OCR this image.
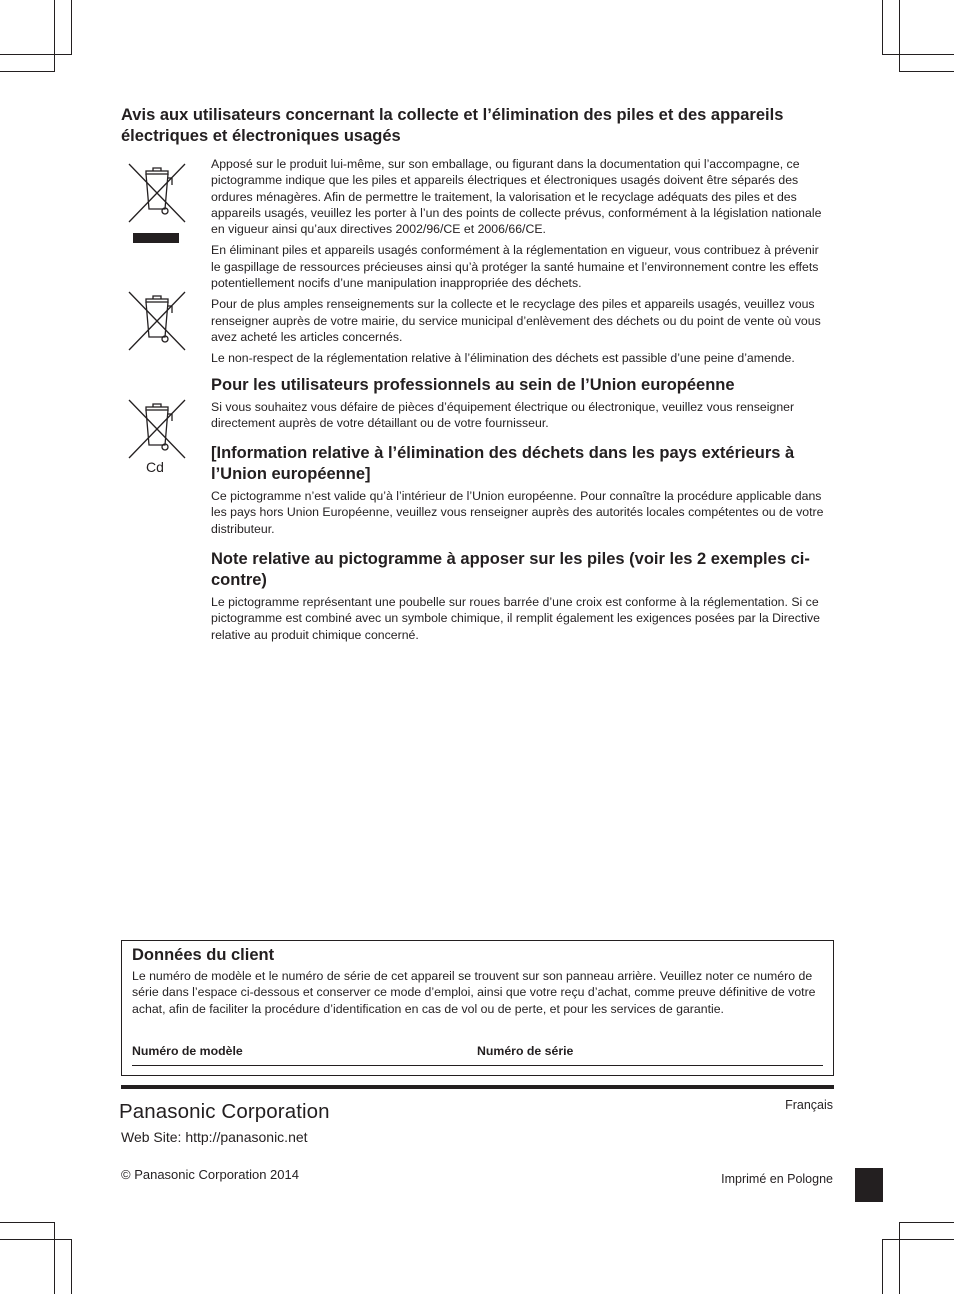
Avis aux utilisateurs concernant la collecte et l’élimination des piles et des appareils électriques et électroniques usagés
Cd

Apposé sur le produit lui-même, sur son emballage, ou figurant dans la documentation qui l’accompagne, ce pictogramme indique que les piles et appareils électriques et électroniques usagés doivent être séparés des ordures ménagères. Afin de permettre le traitement, la valorisation et le recyclage adéquats des piles et des appareils usagés, veuillez les porter à l’un des points de collecte prévus, conformément à la législation nationale en vigueur ainsi qu’aux directives 2002/96/CE et 2006/66/CE.

En éliminant piles et appareils usagés conformément à la réglementation en vigueur, vous contribuez à prévenir le gaspillage de ressources précieuses ainsi qu’à protéger la santé humaine et l’environnement contre les effets potentiellement nocifs d’une manipulation inappropriée des déchets.

Pour de plus amples renseignements sur la collecte et le recyclage des piles et appareils usagés, veuillez vous renseigner auprès de votre mairie, du service municipal d’enlèvement des déchets ou du point de vente où vous avez acheté les articles concernés.

Le non-respect de la réglementation relative à l’élimination des déchets est passible d’une peine d’amende.

Pour les utilisateurs professionnels au sein de l’Union européenne

Si vous souhaitez vous défaire de pièces d’équipement électrique ou électronique, veuillez vous renseigner directement auprès de votre détaillant ou de votre fournisseur.

[Information relative à l’élimination des déchets dans les pays extérieurs à l’Union européenne]

Ce pictogramme n’est valide qu’à l’intérieur de l’Union européenne. Pour connaître la procédure applicable dans les pays hors Union Européenne, veuillez vous renseigner auprès des autorités locales compétentes ou de votre distributeur.

Note relative au pictogramme à apposer sur les piles (voir les 2 exemples ci-contre)

Le pictogramme représentant une poubelle sur roues barrée d’une croix est conforme à la réglementation. Si ce pictogramme est combiné avec un symbole chimique, il remplit également les exigences posées par la Directive relative au produit chimique concerné.

Données du client

Le numéro de modèle et le numéro de série de cet appareil se trouvent sur son panneau arrière. Veuillez noter ce numéro de série dans l’espace ci-dessous et conserver ce mode d’emploi, ainsi que votre reçu d’achat, comme preuve définitive de votre achat, afin de faciliter la procédure d’identification en cas de vol ou de perte, et pour les services de garantie.

Numéro de modèle	Numéro de série
Panasonic Corporation
Web Site: http://panasonic.net
© Panasonic Corporation 2014
Français
Imprimé en Pologne
